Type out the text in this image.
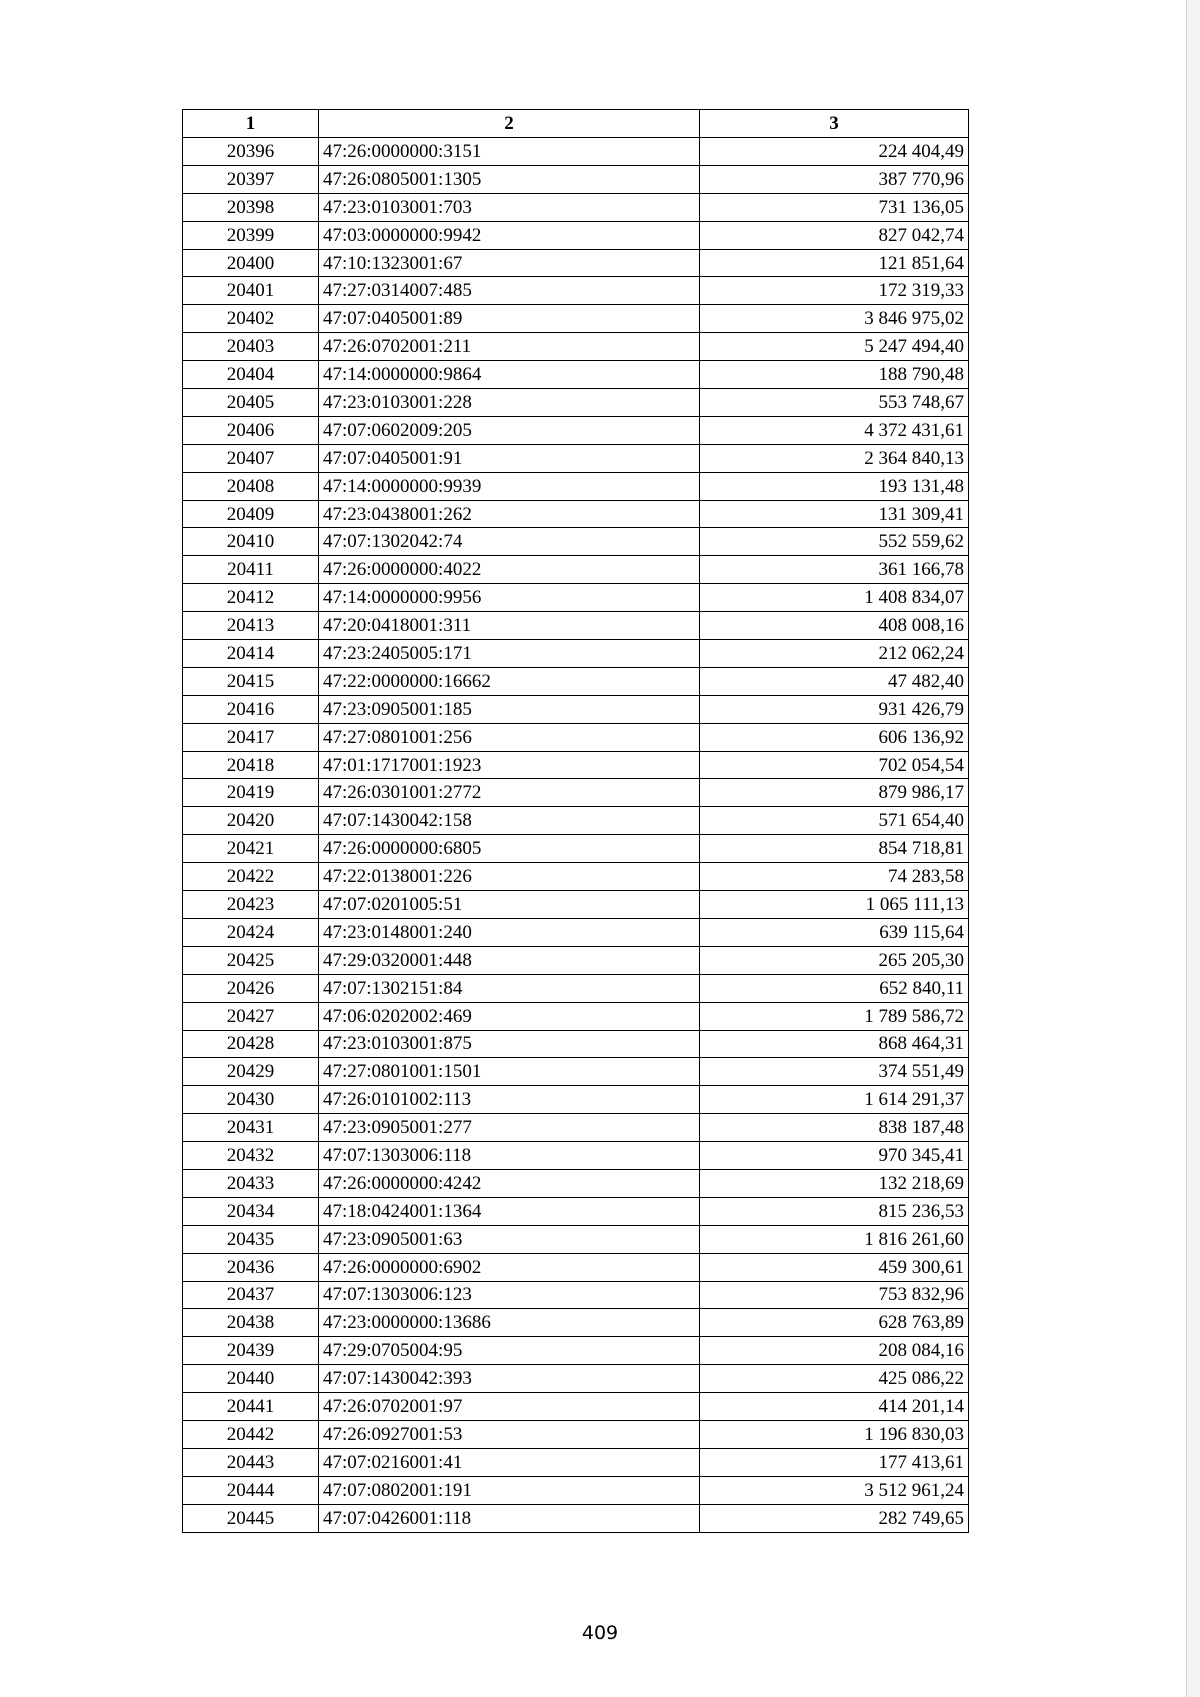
1	2	3
20396	47:26:0000000:3151	224 404,49
20397	47:26:0805001:1305	387 770,96
20398	47:23:0103001:703	731 136,05
20399	47:03:0000000:9942	827 042,74
20400	47:10:1323001:67	121 851,64
20401	47:27:0314007:485	172 319,33
20402	47:07:0405001:89	3 846 975,02
20403	47:26:0702001:211	5 247 494,40
20404	47:14:0000000:9864	188 790,48
20405	47:23:0103001:228	553 748,67
20406	47:07:0602009:205	4 372 431,61
20407	47:07:0405001:91	2 364 840,13
20408	47:14:0000000:9939	193 131,48
20409	47:23:0438001:262	131 309,41
20410	47:07:1302042:74	552 559,62
20411	47:26:0000000:4022	361 166,78
20412	47:14:0000000:9956	1 408 834,07
20413	47:20:0418001:311	408 008,16
20414	47:23:2405005:171	212 062,24
20415	47:22:0000000:16662	47 482,40
20416	47:23:0905001:185	931 426,79
20417	47:27:0801001:256	606 136,92
20418	47:01:1717001:1923	702 054,54
20419	47:26:0301001:2772	879 986,17
20420	47:07:1430042:158	571 654,40
20421	47:26:0000000:6805	854 718,81
20422	47:22:0138001:226	74 283,58
20423	47:07:0201005:51	1 065 111,13
20424	47:23:0148001:240	639 115,64
20425	47:29:0320001:448	265 205,30
20426	47:07:1302151:84	652 840,11
20427	47:06:0202002:469	1 789 586,72
20428	47:23:0103001:875	868 464,31
20429	47:27:0801001:1501	374 551,49
20430	47:26:0101002:113	1 614 291,37
20431	47:23:0905001:277	838 187,48
20432	47:07:1303006:118	970 345,41
20433	47:26:0000000:4242	132 218,69
20434	47:18:0424001:1364	815 236,53
20435	47:23:0905001:63	1 816 261,60
20436	47:26:0000000:6902	459 300,61
20437	47:07:1303006:123	753 832,96
20438	47:23:0000000:13686	628 763,89
20439	47:29:0705004:95	208 084,16
20440	47:07:1430042:393	425 086,22
20441	47:26:0702001:97	414 201,14
20442	47:26:0927001:53	1 196 830,03
20443	47:07:0216001:41	177 413,61
20444	47:07:0802001:191	3 512 961,24
20445	47:07:0426001:118	282 749,65
409
